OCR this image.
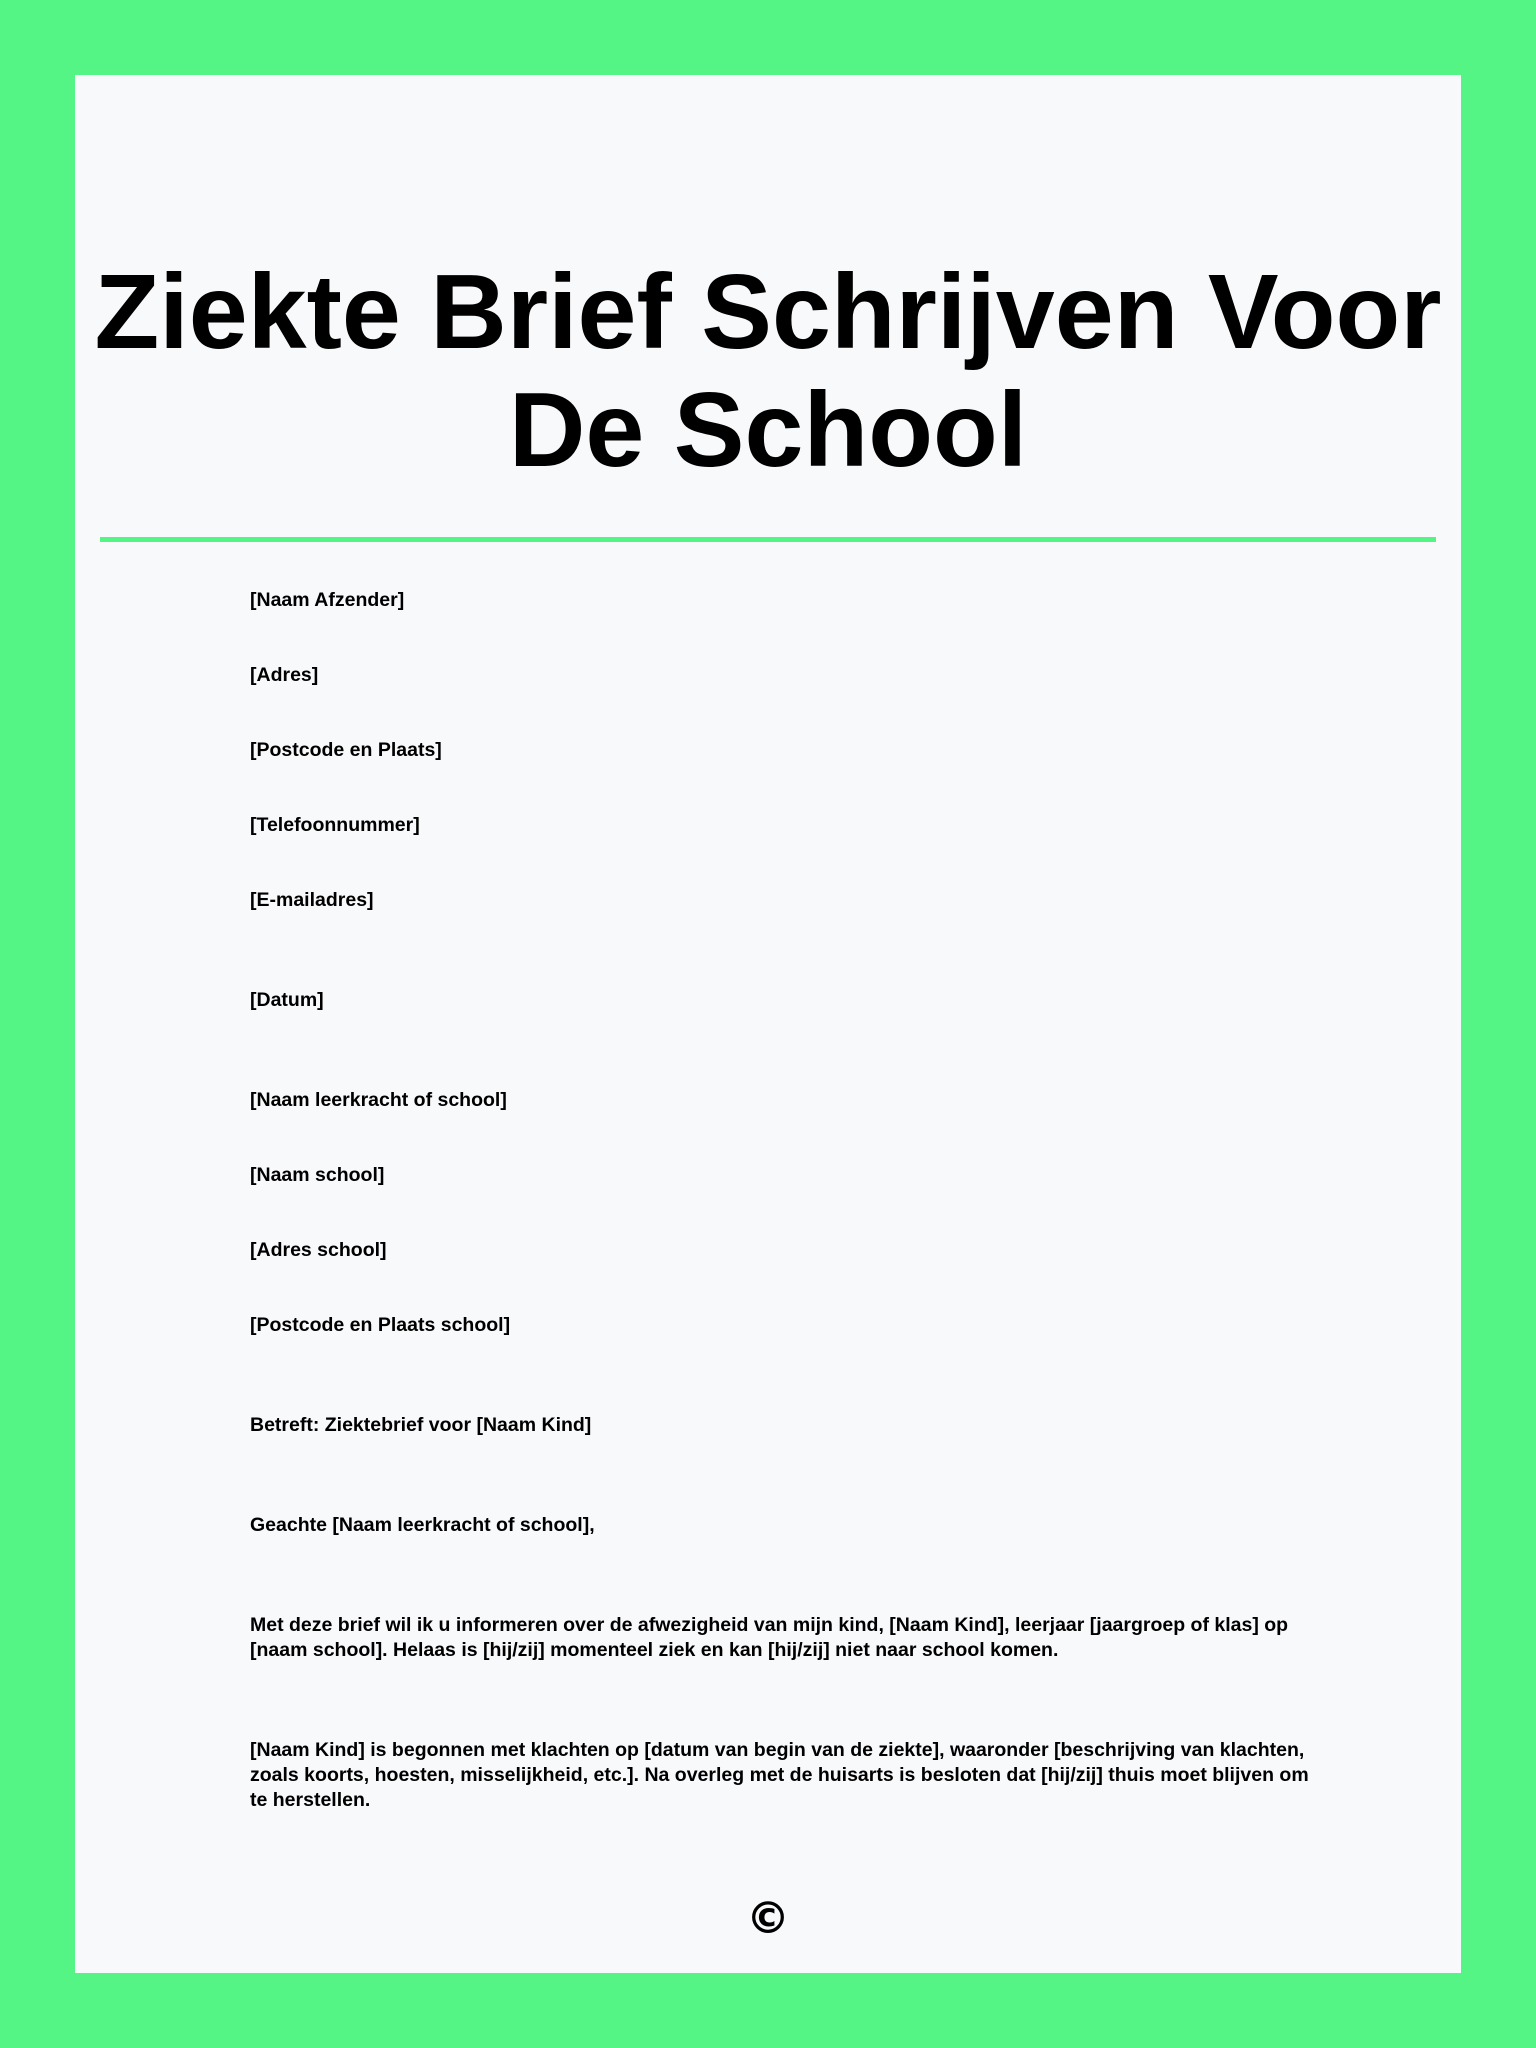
Ziekte Brief Schrijven Voor De School

[Naam Afzender]

[Adres]

[Postcode en Plaats]

[Telefoonnummer]

[E-mailadres]

[Datum]

[Naam leerkracht of school]

[Naam school]

[Adres school]

[Postcode en Plaats school]

Betreft: Ziektebrief voor [Naam Kind]

Geachte [Naam leerkracht of school],

Met deze brief wil ik u informeren over de afwezigheid van mijn kind, [Naam Kind], leerjaar [jaargroep of klas] op [naam school]. Helaas is [hij/zij] momenteel ziek en kan [hij/zij] niet naar school komen.

[Naam Kind] is begonnen met klachten op [datum van begin van de ziekte], waaronder [beschrijving van klachten, zoals koorts, hoesten, misselijkheid, etc.]. Na overleg met de huisarts is besloten dat [hij/zij] thuis moet blijven om te herstellen.

©
